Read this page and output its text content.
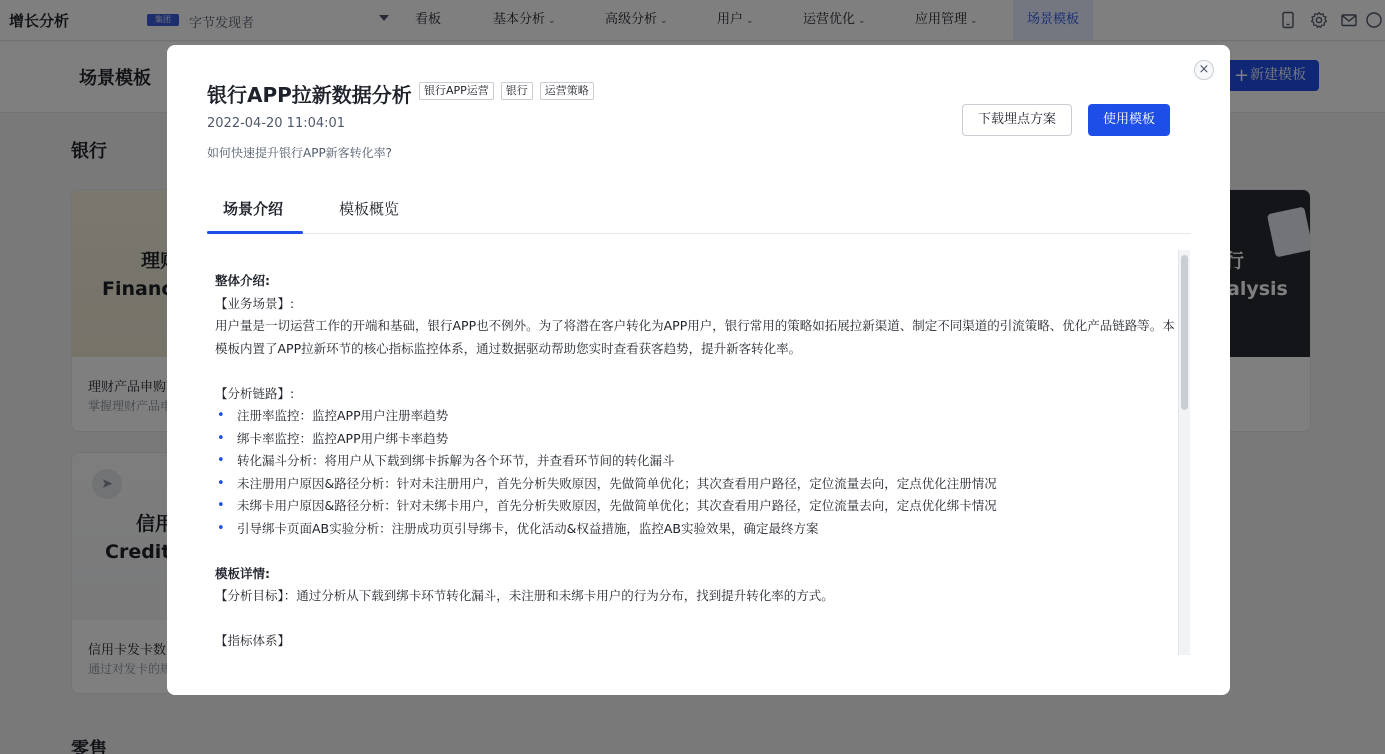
×
银行APP拉新数据分析	银行APP运营	银行	运营策略
2022-04-20 11:04:01
如何快速提升银行APP新客转化率?
下载埋点方案	使用模板
场景介绍	模板概览
整体介绍:
【业务场景】:
用户量是一切运营工作的开端和基础，银行APP也不例外。为了将潜在客户转化为APP用户，银行常用的策略如拓展拉新渠道、制定不同渠道的引流策略、优化产品链路等。本模板内置了APP拉新环节的核心指标监控体系，通过数据驱动帮助您实时查看获客趋势，提升新客转化率。
【分析链路】:
• 注册率监控：监控APP用户注册率趋势
• 绑卡率监控：监控APP用户绑卡率趋势
• 转化漏斗分析：将用户从下载到绑卡拆解为各个环节，并查看环节间的转化漏斗
• 未注册用户原因&路径分析：针对未注册用户，首先分析失败原因，先做简单优化；其次查看用户路径，定位流量去向，定点优化注册情况
• 未绑卡用户原因&路径分析：针对未绑卡用户，首先分析失败原因，先做简单优化；其次查看用户路径，定位流量去向，定点优化绑卡情况
• 引导绑卡页面AB实验分析：注册成功页引导绑卡，优化活动&权益措施，监控AB实验效果，确定最终方案
模板详情:
【分析目标】：通过分析从下载到绑卡环节转化漏斗，未注册和未绑卡用户的行为分布，找到提升转化率的方式。
【指标体系】
